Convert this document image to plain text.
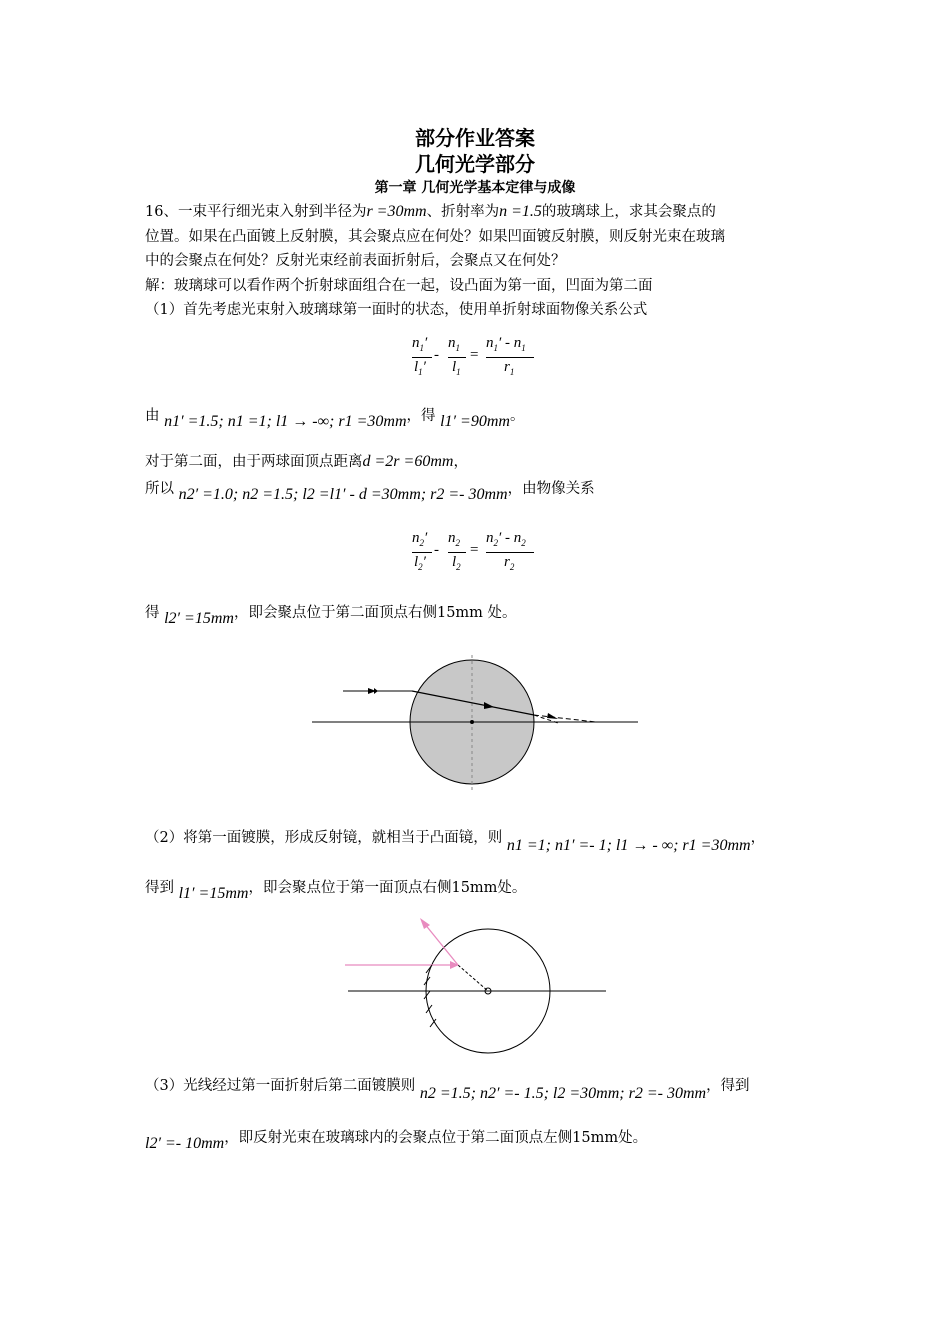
部分作业答案
几何光学部分
第一章 几何光学基本定律与成像
16、一束平行细光束入射到半径为r =30mm、折射率为n =1.5的玻璃球上，求其会聚点的
位置。如果在凸面镀上反射膜，其会聚点应在何处？如果凹面镀反射膜，则反射光束在玻璃
中的会聚点在何处？反射光束经前表面折射后，会聚点又在何处？
解：玻璃球可以看作两个折射球面组合在一起，设凸面为第一面，凹面为第二面
（1）首先考虑光束射入玻璃球第一面时的状态，使用单折射球面物像关系公式
$n_1'$
$l_1'$
-
$n_1$
$l_1$
=
$n_1' - n_1$
$r_1$
由 n1′ =1.5; n1 =1; l1 → -∞; r1 =30mm，得 l1′ =90mm。
对于第二面，由于两球面顶点距离d =2r =60mm，
所以 n2′ =1.0; n2 =1.5; l2 =l1′ - d =30mm; r2 =- 30mm，由物像关系
$n_2'$
$l_2'$
-
$n_2$
$l_2$
=
$n_2' - n_2$
$r_2$
得 l2′ =15mm，即会聚点位于第二面顶点右侧15mm 处。
（2）将第一面镀膜，形成反射镜，就相当于凸面镜，则 n1 =1; n1′ =- 1; l1 → - ∞; r1 =30mm，
得到 l1′ =15mm，即会聚点位于第一面顶点右侧15mm处。
（3）光线经过第一面折射后第二面镀膜则 n2 =1.5; n2′ =- 1.5; l2 =30mm; r2 =- 30mm，得到
l2′ =- 10mm，即反射光束在玻璃球内的会聚点位于第二面顶点左侧15mm处。
